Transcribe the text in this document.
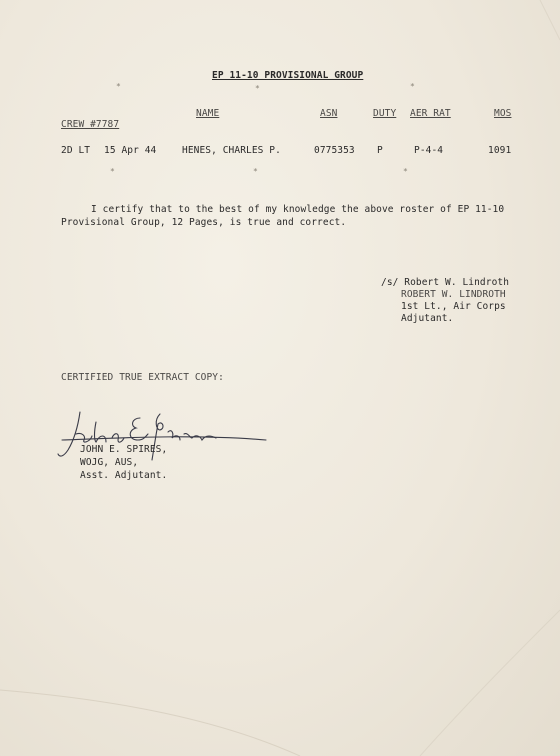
EP 11-10 PROVISIONAL GROUP
*	*	*
NAME	ASN	DUTY AER RAT	MOS
CREW #7787
2D LT 15 Apr 44	HENES, CHARLES P.	0775353 P	P-4-4	1091
*	*	*
I certify that to the best of my knowledge the above roster of EP 11-10
Provisional Group, 12 Pages, is true and correct.
/s/ Robert W. Lindroth
ROBERT W. LINDROTH
1st Lt., Air Corps
Adjutant.
CERTIFIED TRUE EXTRACT COPY:
JOHN E. SPIRES,
WOJG, AUS,
Asst. Adjutant.
